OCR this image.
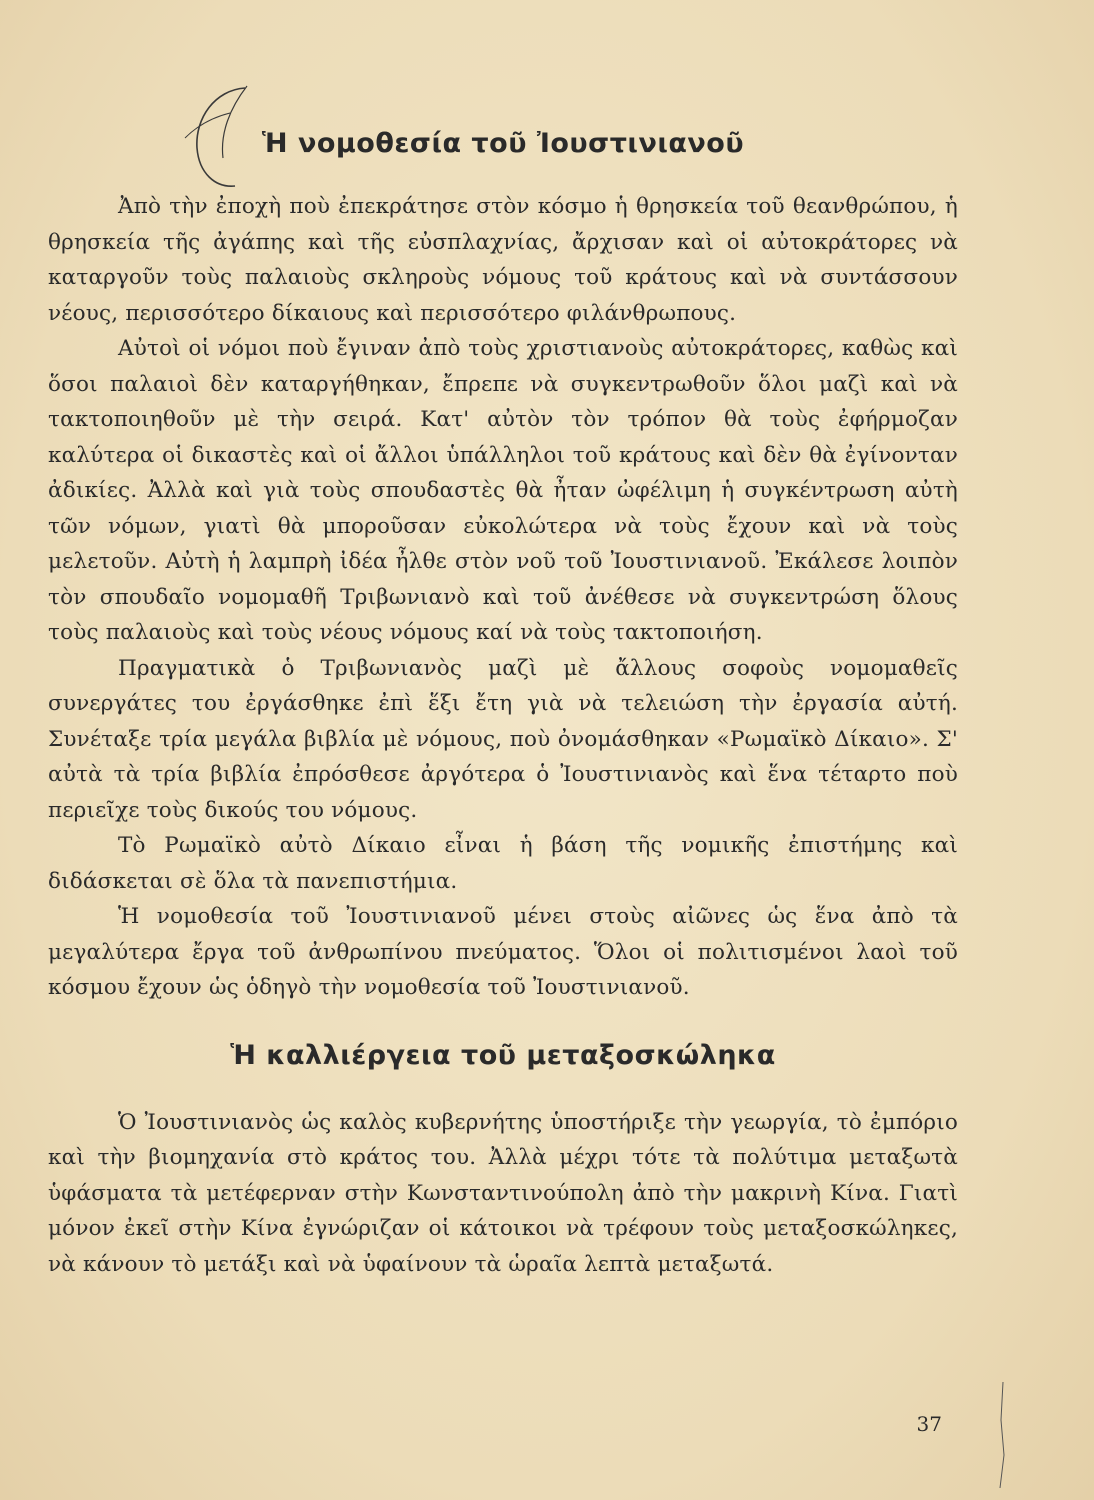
Ἡ νομοθεσία τοῦ Ἰουστινιανοῦ

Ἀπὸ τὴν ἐποχὴ ποὺ ἐπεκράτησε στὸν κόσμο ἡ θρησκεία τοῦ θεανθρώπου, ἡ θρησκεία τῆς ἀγάπης καὶ τῆς εὐσπλαχνίας, ἄρχισαν καὶ οἱ αὐτοκράτορες νὰ καταργοῦν τοὺς παλαιοὺς σκληροὺς νόμους τοῦ κράτους καὶ νὰ συντάσσουν νέους, περισσότερο δίκαιους καὶ περισσότερο φιλάνθρωπους.

Αὐτοὶ οἱ νόμοι ποὺ ἔγιναν ἀπὸ τοὺς χριστιανοὺς αὐτοκράτορες, καθὼς καὶ ὅσοι παλαιοὶ δὲν καταργήθηκαν, ἔπρεπε νὰ συγκεντρωθοῦν ὅλοι μαζὶ καὶ νὰ τακτοποιηθοῦν μὲ τὴν σειρά. Κατ' αὐτὸν τὸν τρόπον θὰ τοὺς ἐφήρμοζαν καλύτερα οἱ δικαστὲς καὶ οἱ ἄλλοι ὑπάλληλοι τοῦ κράτους καὶ δὲν θὰ ἐγίνονταν ἀδικίες. Ἀλλὰ καὶ γιὰ τοὺς σπουδαστὲς θὰ ἦταν ὠφέλιμη ἡ συγκέντρωση αὐτὴ τῶν νόμων, γιατὶ θὰ μποροῦσαν εὐκολώτερα νὰ τοὺς ἔχουν καὶ νὰ τοὺς μελετοῦν. Αὐτὴ ἡ λαμπρὴ ἰδέα ἦλθε στὸν νοῦ τοῦ Ἰουστινιανοῦ. Ἐκάλεσε λοιπὸν τὸν σπουδαῖο νομομαθῆ Τριβωνιανὸ καὶ τοῦ ἀνέθεσε νὰ συγκεντρώση ὅλους τοὺς παλαιοὺς καὶ τοὺς νέους νόμους καί νὰ τοὺς τακτοποιήση.

Πραγματικὰ ὁ Τριβωνιανὸς μαζὶ μὲ ἄλλους σοφοὺς νομομαθεῖς συνεργάτες του ἐργάσθηκε ἐπὶ ἕξι ἔτη γιὰ νὰ τελειώση τὴν ἐργασία αὐτή. Συνέταξε τρία μεγάλα βιβλία μὲ νόμους, ποὺ ὀνομάσθηκαν «Ρωμαϊκὸ Δίκαιο». Σ' αὐτὰ τὰ τρία βιβλία ἐπρόσθεσε ἀργότερα ὁ Ἰουστινιανὸς καὶ ἕνα τέταρτο ποὺ περιεῖχε τοὺς δικούς του νόμους.

Τὸ Ρωμαϊκὸ αὐτὸ Δίκαιο εἶναι ἡ βάση τῆς νομικῆς ἐπιστήμης καὶ διδάσκεται σὲ ὅλα τὰ πανεπιστήμια.

Ἡ νομοθεσία τοῦ Ἰουστινιανοῦ μένει στοὺς αἰῶνες ὡς ἕνα ἀπὸ τὰ μεγαλύτερα ἔργα τοῦ ἀνθρωπίνου πνεύματος. Ὅλοι οἱ πολιτισμένοι λαοὶ τοῦ κόσμου ἔχουν ὡς ὁδηγὸ τὴν νομοθεσία τοῦ Ἰουστινιανοῦ.

Ἡ καλλιέργεια τοῦ μεταξοσκώληκα

Ὁ Ἰουστινιανὸς ὡς καλὸς κυβερνήτης ὑποστήριξε τὴν γεωργία, τὸ ἐμπόριο καὶ τὴν βιομηχανία στὸ κράτος του. Ἀλλὰ μέχρι τότε τὰ πολύτιμα μεταξωτὰ ὑφάσματα τὰ μετέφερναν στὴν Κωνσταντινούπολη ἀπὸ τὴν μακρινὴ Κίνα. Γιατὶ μόνον ἐκεῖ στὴν Κίνα ἐγνώριζαν οἱ κάτοικοι νὰ τρέφουν τοὺς μεταξοσκώληκες, νὰ κάνουν τὸ μετάξι καὶ νὰ ὑφαίνουν τὰ ὡραῖα λεπτὰ μεταξωτά.

37
